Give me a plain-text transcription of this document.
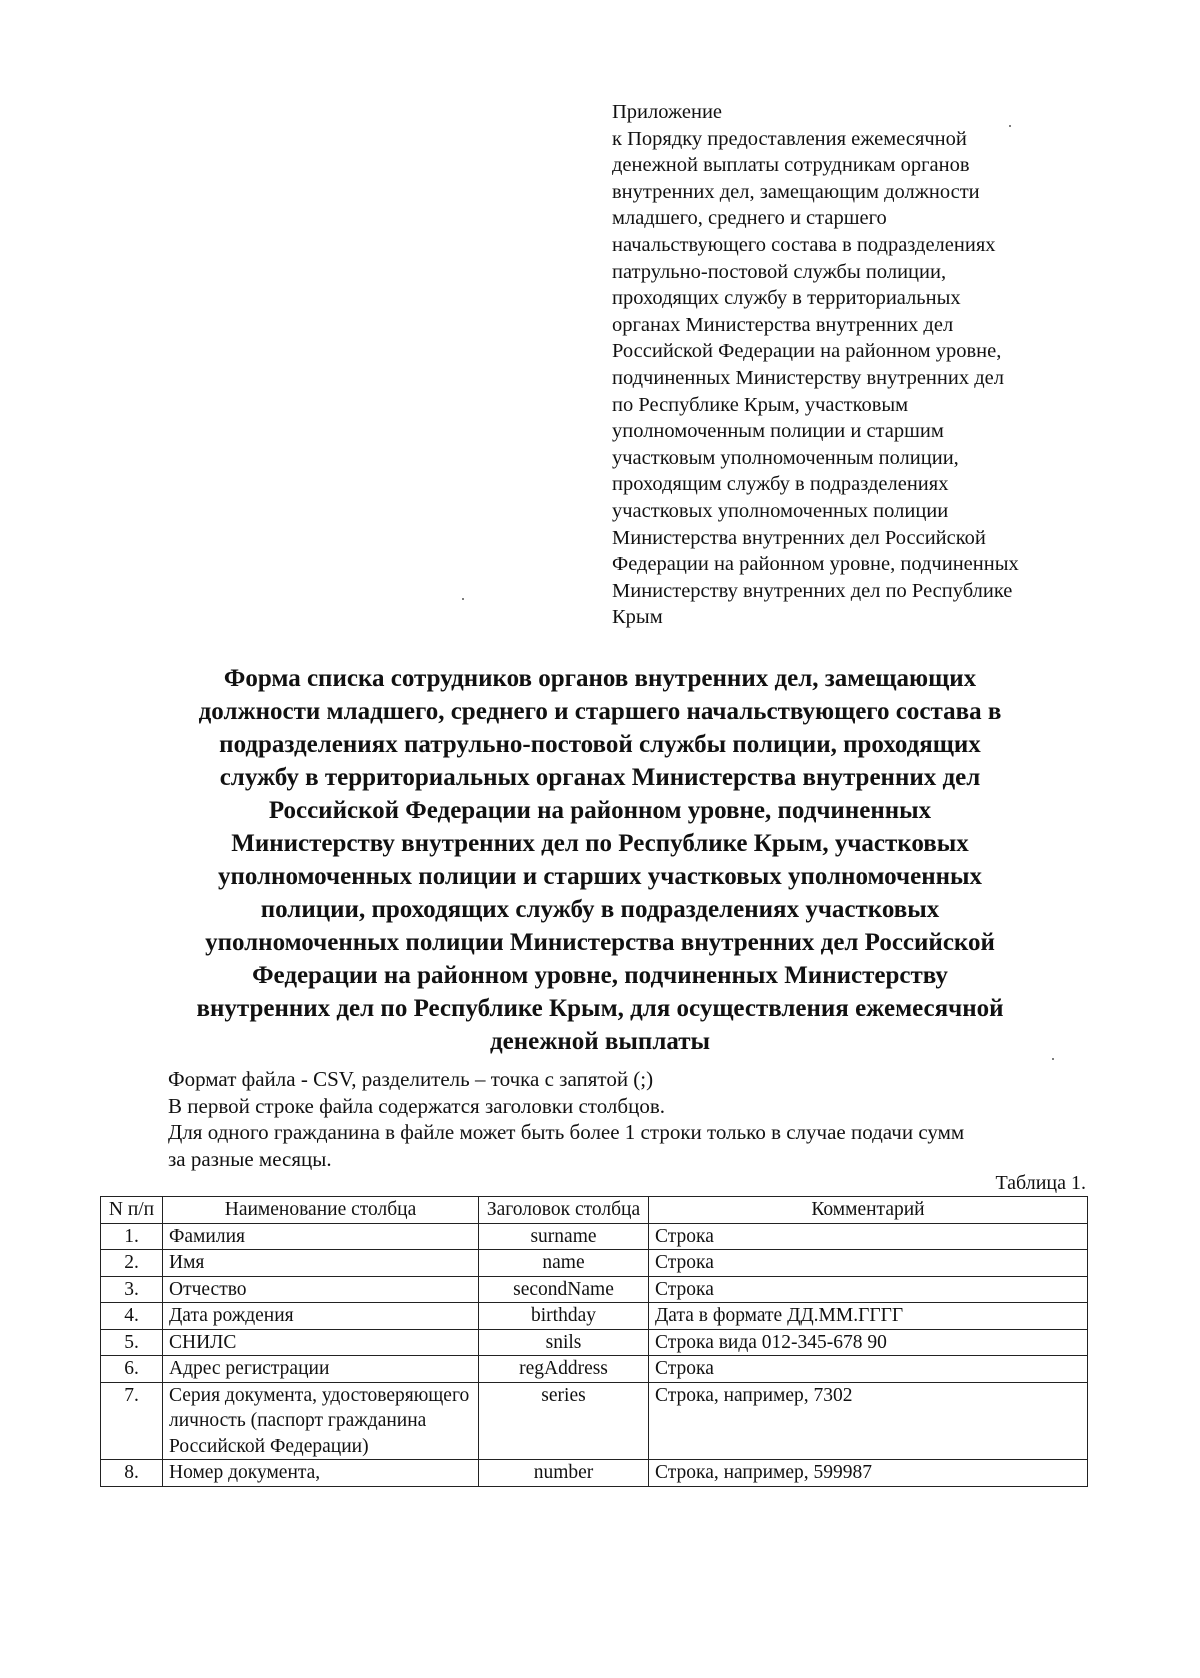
Приложение
к Порядку предоставления ежемесячной
денежной выплаты сотрудникам органов
внутренних дел, замещающим должности
младшего, среднего и старшего
начальствующего состава в подразделениях
патрульно-постовой службы полиции,
проходящих службу в территориальных
органах Министерства внутренних дел
Российской Федерации на районном уровне,
подчиненных Министерству внутренних дел
по Республике Крым, участковым
уполномоченным полиции и старшим
участковым уполномоченным полиции,
проходящим службу в подразделениях
участковых уполномоченных полиции
Министерства внутренних дел Российской
Федерации на районном уровне, подчиненных
Министерству внутренних дел по Республике
Крым
Форма списка сотрудников органов внутренних дел, замещающих
должности младшего, среднего и старшего начальствующего состава в
подразделениях патрульно-постовой службы полиции, проходящих
службу в территориальных органах Министерства внутренних дел
Российской Федерации на районном уровне, подчиненных
Министерству внутренних дел по Республике Крым, участковых
уполномоченных полиции и старших участковых уполномоченных
полиции, проходящих службу в подразделениях участковых
уполномоченных полиции Министерства внутренних дел Российской
Федерации на районном уровне, подчиненных Министерству
внутренних дел по Республике Крым, для осуществления ежемесячной
денежной выплаты
Формат файла - CSV, разделитель – точка с запятой (;)
В первой строке файла содержатся заголовки столбцов.
Для одного гражданина в файле может быть более 1 строки только в случае подачи сумм
за разные месяцы.
Таблица 1.
N п/п	Наименование столбца	Заголовок столбца	Комментарий
1.	Фамилия	surname	Строка
2.	Имя	name	Строка
3.	Отчество	secondName	Строка
4.	Дата рождения	birthday	Дата в формате ДД.ММ.ГГГГ
5.	СНИЛС	snils	Строка вида 012-345-678 90
6.	Адрес регистрации	regAddress	Строка
7.	Серия документа, удостоверяющего личность (паспорт гражданина Российской Федерации)	series	Строка, например, 7302
8.	Номер документа,	number	Строка, например, 599987
